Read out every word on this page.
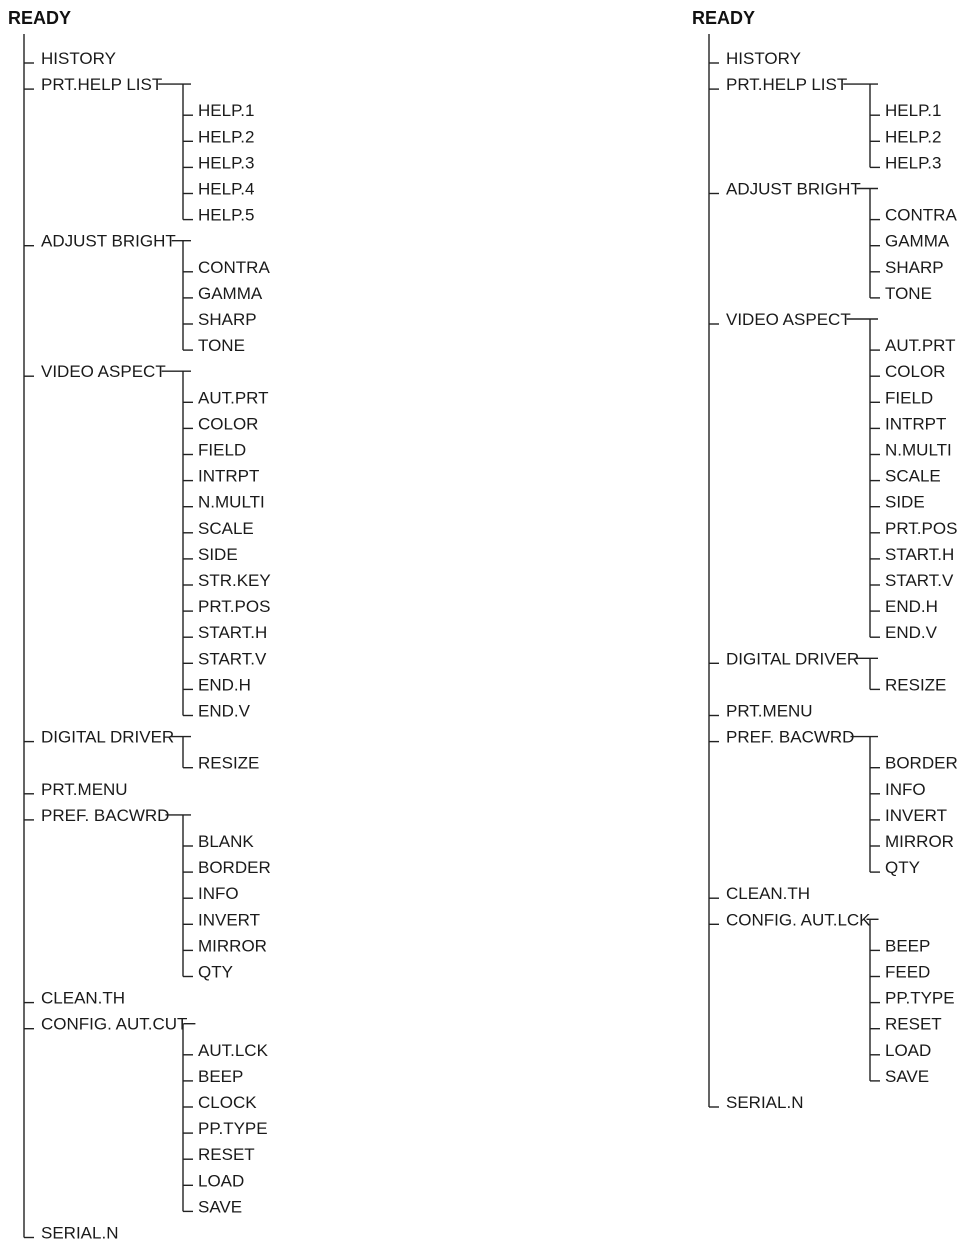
READY
HISTORY
PRT.HELP LIST
HELP.1
HELP.2
HELP.3
HELP.4
HELP.5
ADJUST BRIGHT
CONTRA
GAMMA
SHARP
TONE
VIDEO ASPECT
AUT.PRT
COLOR
FIELD
INTRPT
N.MULTI
SCALE
SIDE
STR.KEY
PRT.POS
START.H
START.V
END.H
END.V
DIGITAL DRIVER
RESIZE
PRT.MENU
PREF. BACWRD
BLANK
BORDER
INFO
INVERT
MIRROR
QTY
CLEAN.TH
CONFIG. AUT.CUT
AUT.LCK
BEEP
CLOCK
PP.TYPE
RESET
LOAD
SAVE
SERIAL.N
READY
HISTORY
PRT.HELP LIST
HELP.1
HELP.2
HELP.3
ADJUST BRIGHT
CONTRA
GAMMA
SHARP
TONE
VIDEO ASPECT
AUT.PRT
COLOR
FIELD
INTRPT
N.MULTI
SCALE
SIDE
PRT.POS
START.H
START.V
END.H
END.V
DIGITAL DRIVER
RESIZE
PRT.MENU
PREF. BACWRD
BORDER
INFO
INVERT
MIRROR
QTY
CLEAN.TH
CONFIG. AUT.LCK
BEEP
FEED
PP.TYPE
RESET
LOAD
SAVE
SERIAL.N
